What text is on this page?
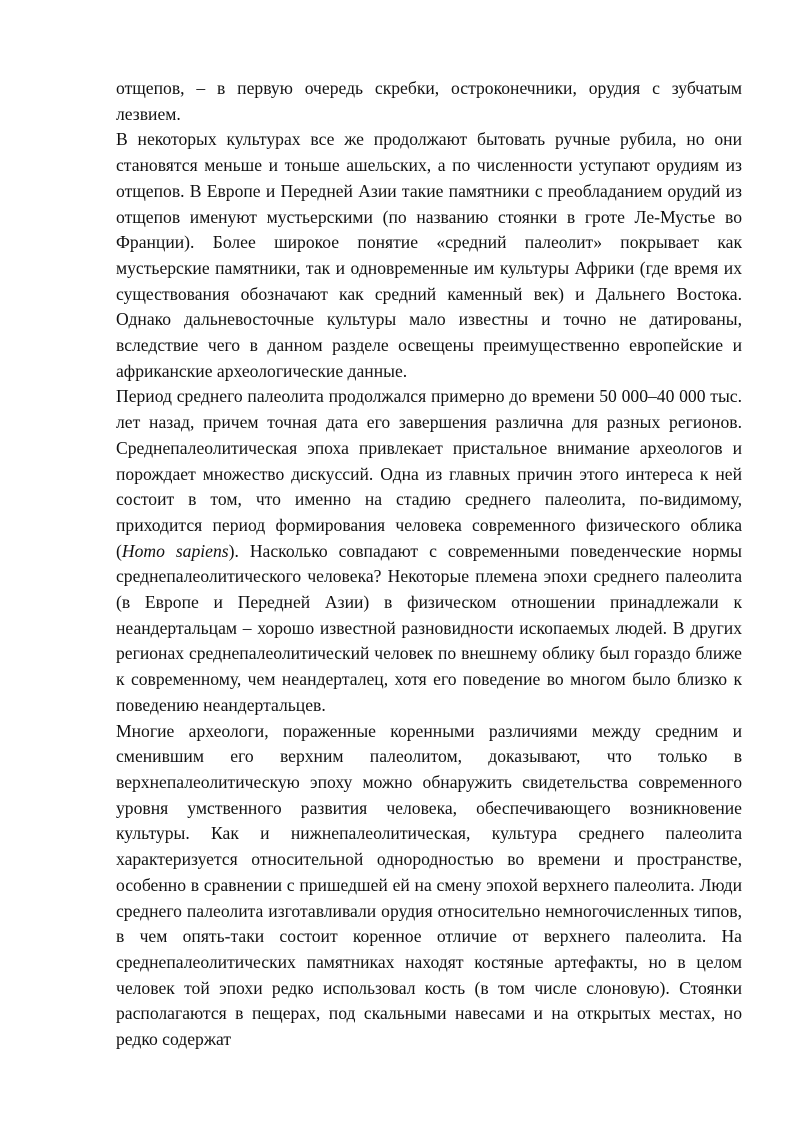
отщепов, – в первую очередь скребки, остроконечники, орудия с зубчатым лезвием.

В некоторых культурах все же продолжают бытовать ручные рубила, но они становятся меньше и тоньше ашельских, а по численности уступают орудиям из отщепов. В Европе и Передней Азии такие памятники с преобладанием орудий из отщепов именуют мустьерскими (по названию стоянки в гроте Ле-Мустье во Франции). Более широкое понятие «средний палеолит» покрывает как мустьерские памятники, так и одновременные им культуры Африки (где время их существования обозначают как средний каменный век) и Дальнего Востока. Однако дальневосточные культуры мало известны и точно не датированы, вследствие чего в данном разделе освещены преимущественно европейские и африканские археологические данные.

Период среднего палеолита продолжался примерно до времени 50 000–40 000 тыс. лет назад, причем точная дата его завершения различна для разных регионов. Среднепалеолитическая эпоха привлекает пристальное внимание археологов и порождает множество дискуссий. Одна из главных причин этого интереса к ней состоит в том, что именно на стадию среднего палеолита, по-видимому, приходится период формирования человека современного физического облика (Homo sapiens). Насколько совпадают с современными поведенческие нормы среднепалеолитического человека? Некоторые племена эпохи среднего палеолита (в Европе и Передней Азии) в физическом отношении принадлежали к неандертальцам – хорошо известной разновидности ископаемых людей. В других регионах среднепалеолитический человек по внешнему облику был гораздо ближе к современному, чем неандерталец, хотя его поведение во многом было близко к поведению неандертальцев.

Многие археологи, пораженные коренными различиями между средним и сменившим его верхним палеолитом, доказывают, что только в верхнепалеолитическую эпоху можно обнаружить свидетельства современного уровня умственного развития человека, обеспечивающего возникновение культуры. Как и нижнепалеолитическая, культура среднего палеолита характеризуется относительной однородностью во времени и пространстве, особенно в сравнении с пришедшей ей на смену эпохой верхнего палеолита. Люди среднего палеолита изготавливали орудия относительно немногочисленных типов, в чем опять-таки состоит коренное отличие от верхнего палеолита. На среднепалеолитических памятниках находят костяные артефакты, но в целом человек той эпохи редко использовал кость (в том числе слоновую). Стоянки располагаются в пещерах, под скальными навесами и на открытых местах, но редко содержат
